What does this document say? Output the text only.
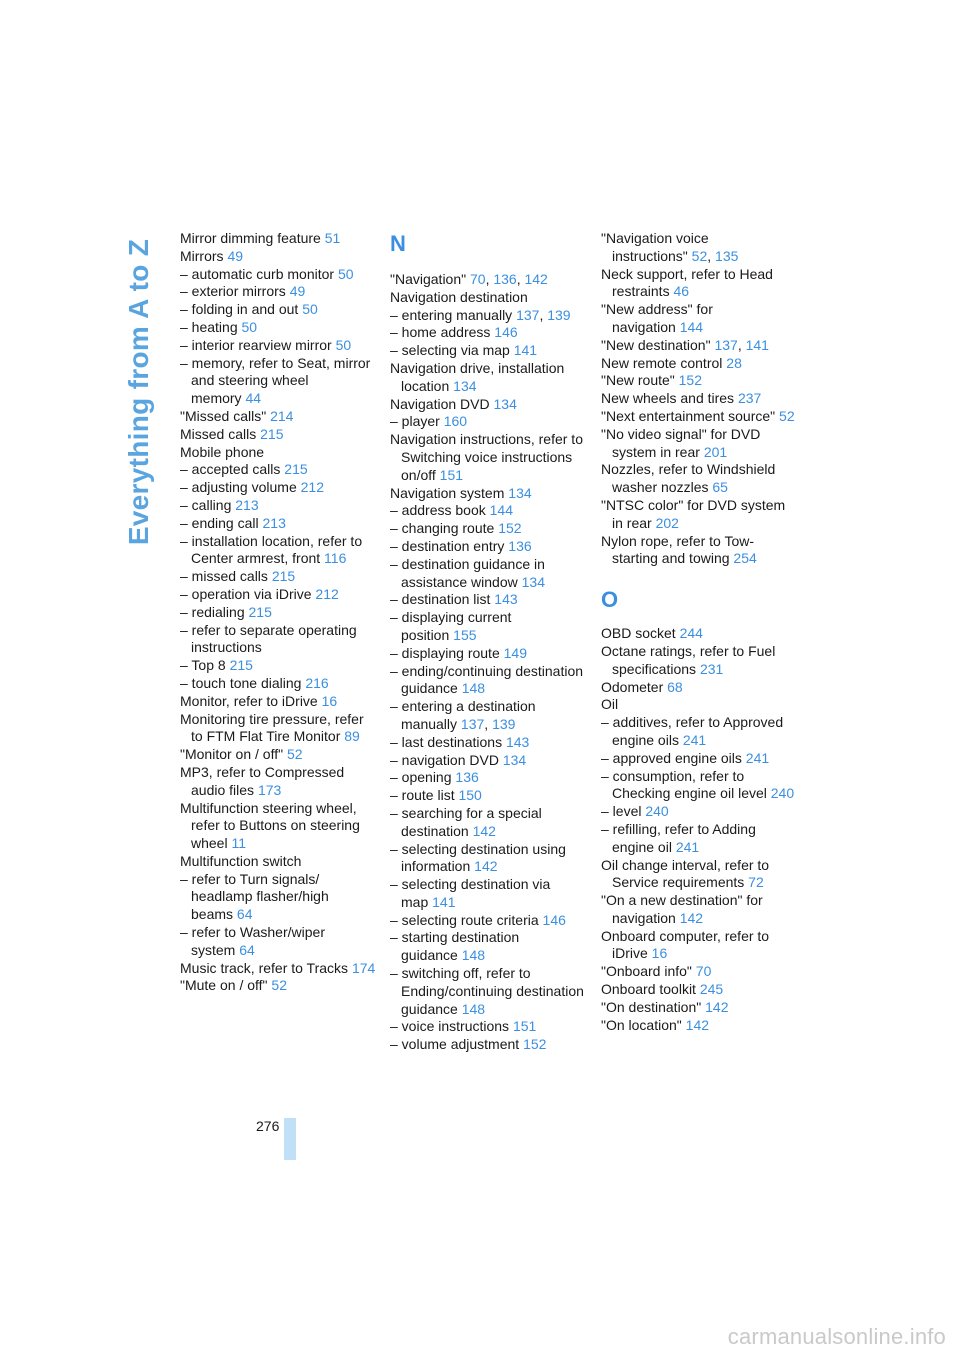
Everything from A to Z
Mirror dimming feature 51
Mirrors 49
– automatic curb monitor 50
– exterior mirrors 49
– folding in and out 50
– heating 50
– interior rearview mirror 50
– memory, refer to Seat, mirror and steering wheel memory 44
"Missed calls" 214
Missed calls 215
Mobile phone
– accepted calls 215
– adjusting volume 212
– calling 213
– ending call 213
– installation location, refer to Center armrest, front 116
– missed calls 215
– operation via iDrive 212
– redialing 215
– refer to separate operating instructions
– Top 8 215
– touch tone dialing 216
Monitor, refer to iDrive 16
Monitoring tire pressure, refer to FTM Flat Tire Monitor 89
"Monitor on / off" 52
MP3, refer to Compressed audio files 173
Multifunction steering wheel, refer to Buttons on steering wheel 11
Multifunction switch
– refer to Turn signals/ headlamp flasher/high beams 64
– refer to Washer/wiper system 64
Music track, refer to Tracks 174
"Mute on / off" 52
N
"Navigation" 70, 136, 142
Navigation destination
– entering manually 137, 139
– home address 146
– selecting via map 141
Navigation drive, installation location 134
Navigation DVD 134
– player 160
Navigation instructions, refer to Switching voice instructions on/off 151
Navigation system 134
– address book 144
– changing route 152
– destination entry 136
– destination guidance in assistance window 134
– destination list 143
– displaying current position 155
– displaying route 149
– ending/continuing destination guidance 148
– entering a destination manually 137, 139
– last destinations 143
– navigation DVD 134
– opening 136
– route list 150
– searching for a special destination 142
– selecting destination using information 142
– selecting destination via map 141
– selecting route criteria 146
– starting destination guidance 148
– switching off, refer to Ending/continuing destination guidance 148
– voice instructions 151
– volume adjustment 152
"Navigation voice instructions" 52, 135
Neck support, refer to Head restraints 46
"New address" for navigation 144
"New destination" 137, 141
New remote control 28
"New route" 152
New wheels and tires 237
"Next entertainment source" 52
"No video signal" for DVD system in rear 201
Nozzles, refer to Windshield washer nozzles 65
"NTSC color" for DVD system in rear 202
Nylon rope, refer to Tow-starting and towing 254
O
OBD socket 244
Octane ratings, refer to Fuel specifications 231
Odometer 68
Oil
– additives, refer to Approved engine oils 241
– approved engine oils 241
– consumption, refer to Checking engine oil level 240
– level 240
– refilling, refer to Adding engine oil 241
Oil change interval, refer to Service requirements 72
"On a new destination" for navigation 142
Onboard computer, refer to iDrive 16
"Onboard info" 70
Onboard toolkit 245
"On destination" 142
"On location" 142
276
carmanualsonline.info
